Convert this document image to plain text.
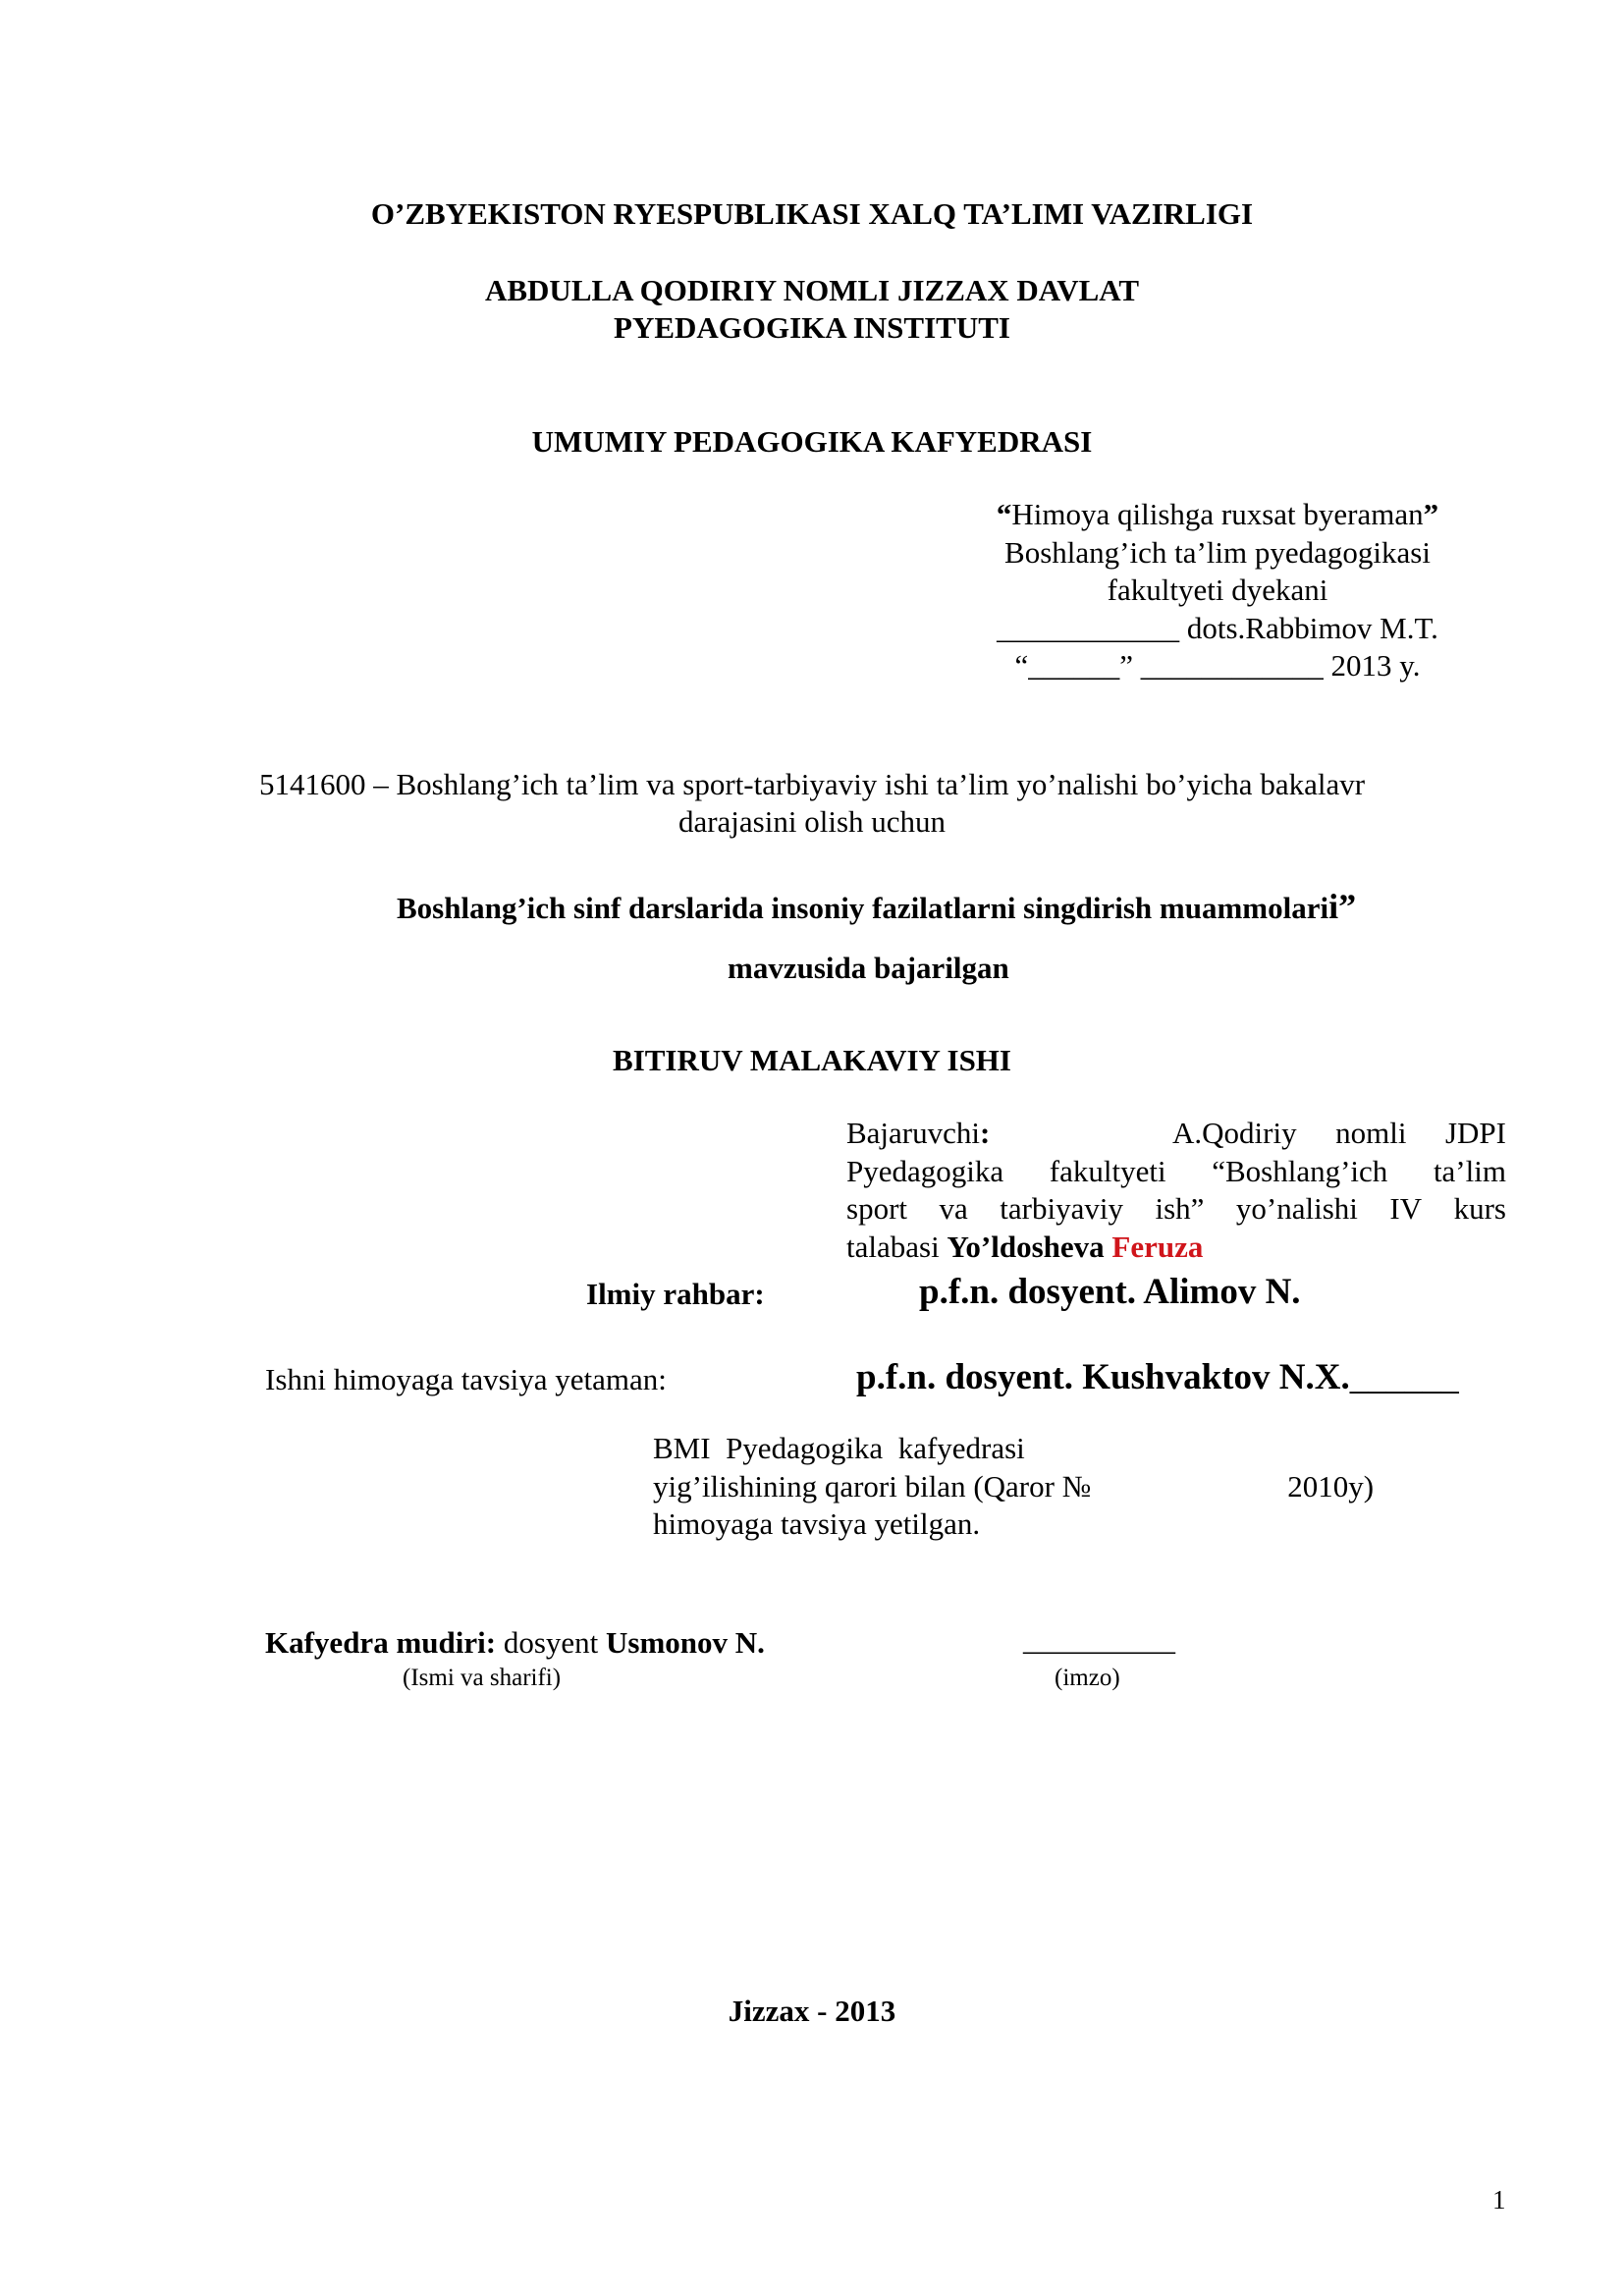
O’ZBYEKISTON RYESPUBLIKASI XALQ TA’LIMI VAZIRLIGI
ABDULLA QODIRIY NOMLI JIZZAX DAVLAT
PYEDAGOGIKA INSTITUTI
UMUMIY PEDAGOGIKA KAFYEDRASI
“Himoya qilishga ruxsat byeraman”
Boshlang’ich ta’lim pyedagogikasi
fakultyeti dyekani
____________ dots.Rabbimov M.T.
“______” ____________ 2013 y.
5141600 – Boshlang’ich ta’lim va sport-tarbiyaviy ishi ta’lim yo’nalishi bo’yicha bakalavr
darajasini olish uchun
Boshlang’ich sinf darslarida insoniy fazilatlarni singdirish muammolarii”
mavzusida bajarilgan
BITIRUV MALAKAVIY ISHI
Bajaruvchi:	A.Qodiriy nomli JDPI
Pyedagogika fakultyeti “Boshlang’ich ta’lim
sport va tarbiyaviy ish” yo’nalishi IV kurs
talabasi Yo’ldosheva Feruza
Ilmiy rahbar:	p.f.n. dosyent. Alimov N.
Ishni himoyaga tavsiya yetaman:	p.f.n. dosyent. Kushvaktov N.X.______
BMI  Pyedagogika  kafyedrasi
yig’ilishining qarori bilan (Qaror №	2010y)
himoyaga tavsiya yetilgan.
Kafyedra mudiri: dosyent Usmonov N.	__________
(Ismi va sharifi)	(imzo)
Jizzax - 2013
1
